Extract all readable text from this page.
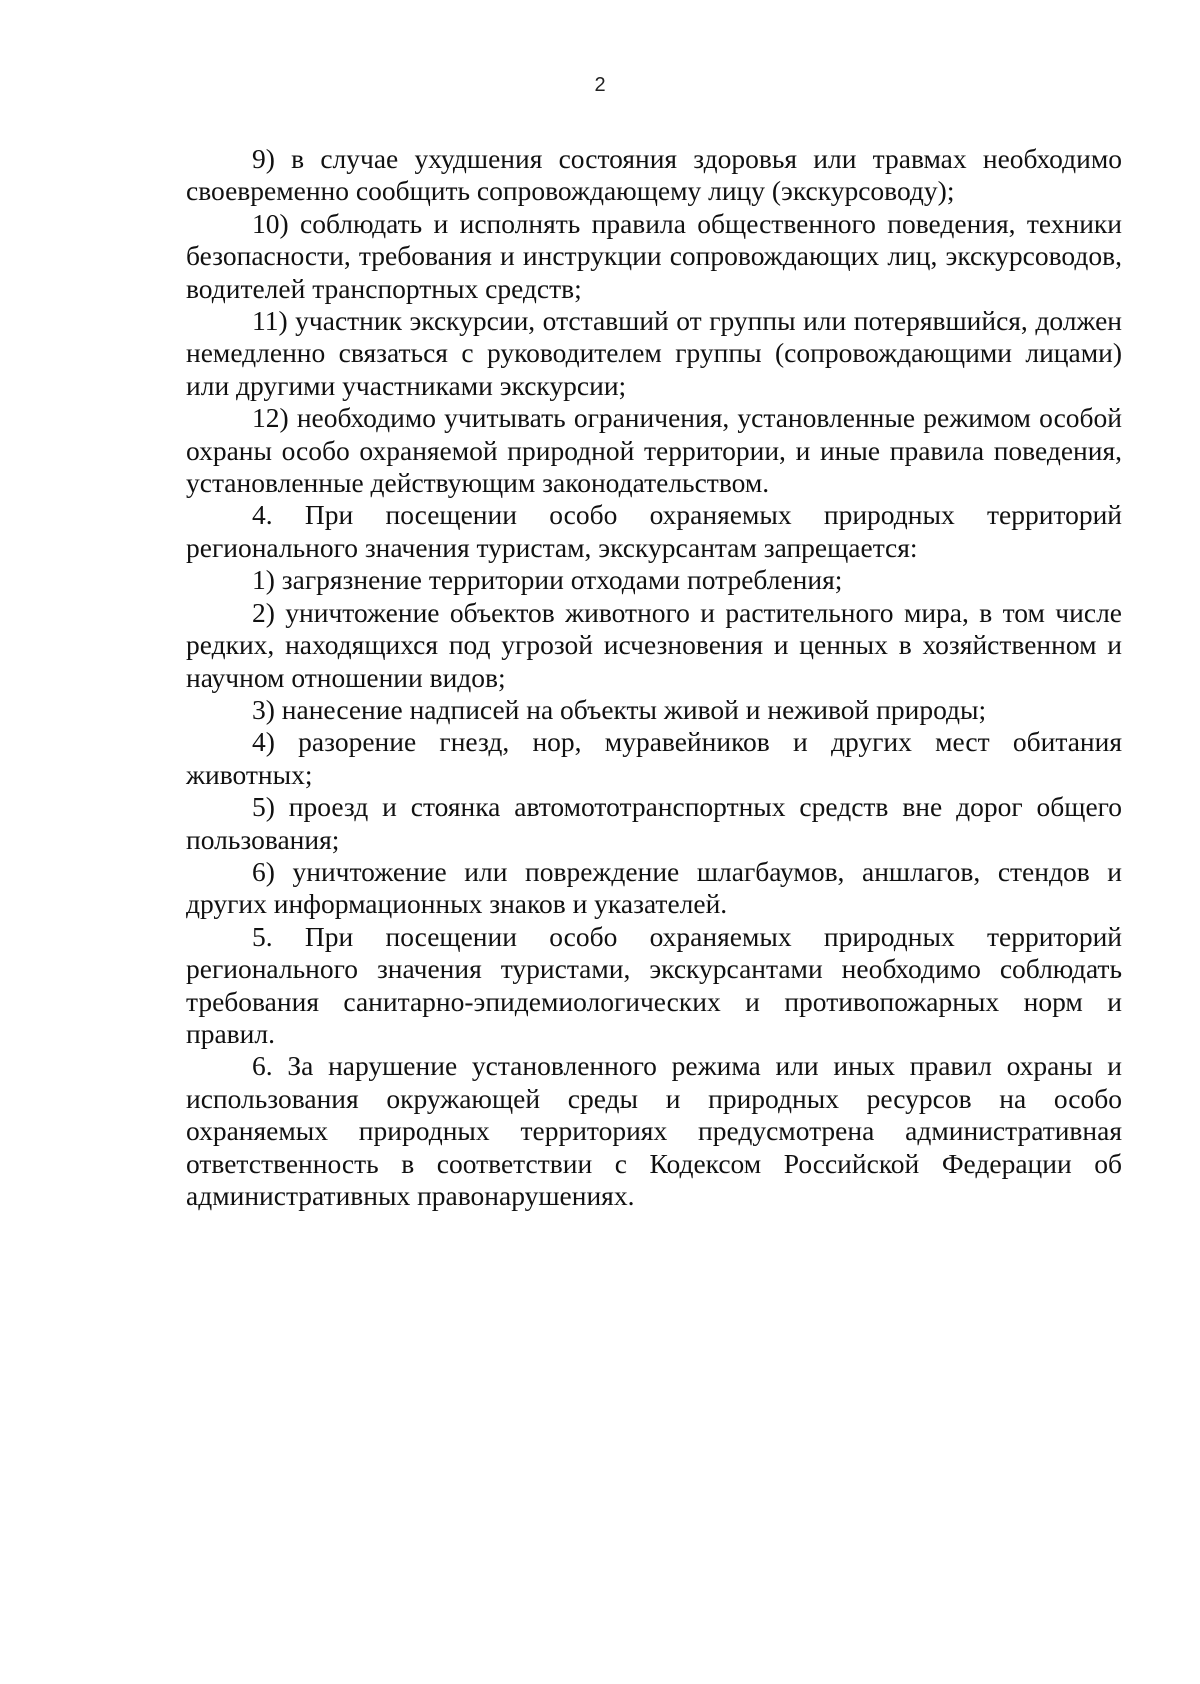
2

9) в случае ухудшения состояния здоровья или травмах необходимо своевременно сообщить сопровождающему лицу (экскурсоводу);

10) соблюдать и исполнять правила общественного поведения, техники безопасности, требования и инструкции сопровождающих лиц, экскурсоводов, водителей транспортных средств;

11) участник экскурсии, отставший от группы или потерявшийся, должен немедленно связаться с руководителем группы (сопровождающими лицами) или другими участниками экскурсии;

12) необходимо учитывать ограничения, установленные режимом особой охраны особо охраняемой природной территории, и иные правила поведения, установленные действующим законодательством.

4. При посещении особо охраняемых природных территорий регионального значения туристам, экскурсантам запрещается:

1) загрязнение территории отходами потребления;

2) уничтожение объектов животного и растительного мира, в том числе редких, находящихся под угрозой исчезновения и ценных в хозяйственном и научном отношении видов;

3) нанесение надписей на объекты живой и неживой природы;

4) разорение гнезд, нор, муравейников и других мест обитания животных;

5) проезд и стоянка автомототранспортных средств вне дорог общего пользования;

6) уничтожение или повреждение шлагбаумов, аншлагов, стендов и других информационных знаков и указателей.

5. При посещении особо охраняемых природных территорий регионального значения туристами, экскурсантами необходимо соблюдать требования санитарно-эпидемиологических и противопожарных норм и правил.

6. За нарушение установленного режима или иных правил охраны и использования окружающей среды и природных ресурсов на особо охраняемых природных территориях предусмотрена административная ответственность в соответствии с Кодексом Российской Федерации об административных правонарушениях.
